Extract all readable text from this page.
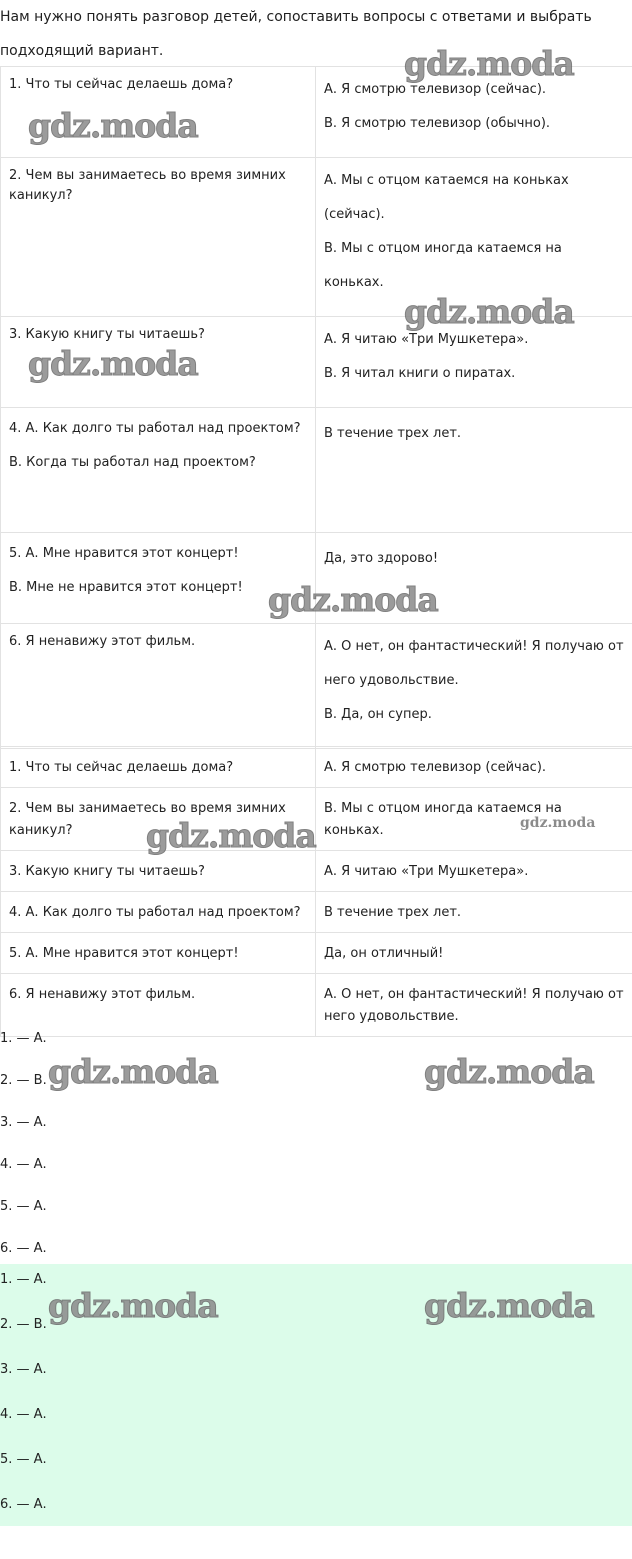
Нам нужно понять разговор детей, сопоставить вопросы с ответами и выбрать подходящий вариант.

1. Что ты сейчас делаешь дома?	А. Я смотрю телевизор (сейчас).

В. Я смотрю телевизор (обычно).

2. Чем вы занимаетесь во время зимних каникул?	А. Мы с отцом катаемся на коньках (сейчас).

В. Мы с отцом иногда катаемся на коньках.

3. Какую книгу ты читаешь?	А. Я читаю «Три Мушкетера».

В. Я читал книги о пиратах.

4. А. Как долго ты работал над проектом?

В. Когда ты работал над проектом?	В течение трех лет.

5. А. Мне нравится этот концерт!

В. Мне не нравится этот концерт!	Да, это здорово!

6. Я ненавижу этот фильм.	А. О нет, он фантастический! Я получаю от него удовольствие.

В. Да, он супер.

1. Что ты сейчас делаешь дома?	А. Я смотрю телевизор (сейчас).
2. Чем вы занимаетесь во время зимних каникул?	В. Мы с отцом иногда катаемся на коньках.
3. Какую книгу ты читаешь?	А. Я читаю «Три Мушкетера».
4. А. Как долго ты работал над проектом?	В течение трех лет.
5. А. Мне нравится этот концерт!	Да, он отличный!
6. Я ненавижу этот фильм.	А. О нет, он фантастический! Я получаю от него удовольствие.
1. — А.
2. — В.
3. — А.
4. — А.
5. — А.
6. — А.
1. — А.
2. — В.
3. — А.
4. — А.
5. — А.
6. — А.
gdz.moda
gdz.moda
gdz.moda
gdz.moda
gdz.moda
gdz.moda	gdz.moda
gdz.moda	gdz.moda
gdz.moda	gdz.moda
